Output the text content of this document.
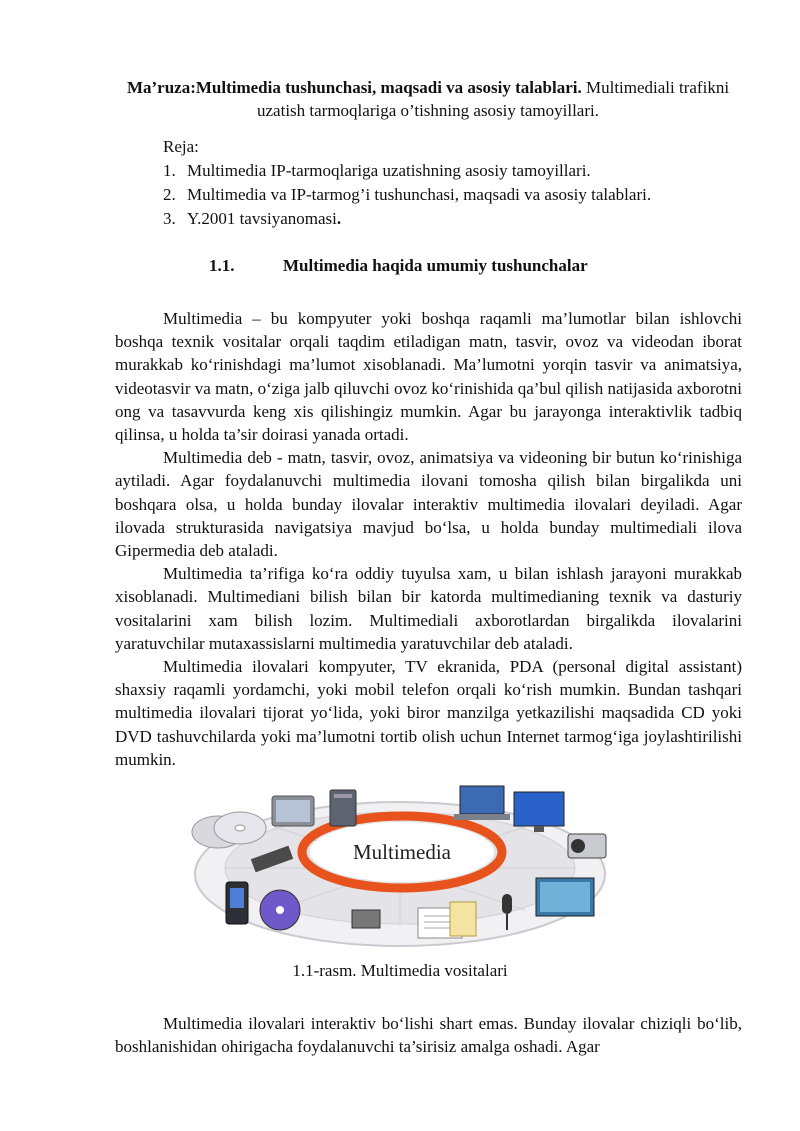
Ma’ruza:Multimedia tushunchasi, maqsadi va asosiy talablari. Multimediali trafikni uzatish tarmoqlariga o’tishning asosiy tamoyillari.
Reja:
1. Multimedia IP-tarmoqlariga uzatishning asosiy tamoyillari.
2. Multimedia va IP-tarmog’i tushunchasi, maqsadi va asosiy talablari.
3. Y.2001 tavsiyanomasi .
1.1.	Multimedia haqida umumiy tushunchalar

Multimedia – bu kompyuter yoki boshqa raqamli ma’lumotlar bilan ishlovchi boshqa texnik vositalar orqali taqdim etiladigan matn, tasvir, ovoz va videodan iborat murakkab ko‘rinishdagi ma’lumot xisoblanadi. Ma’lumotni yorqin tasvir va animatsiya, videotasvir va matn, o‘ziga jalb qiluvchi ovoz ko‘rinishida qa’bul qilish natijasida axborotni ong va tasavvurda keng xis qilishingiz mumkin. Agar bu jarayonga interaktivlik tadbiq qilinsa, u holda ta’sir doirasi yanada ortadi.

Multimedia deb - matn, tasvir, ovoz, animatsiya va videoning bir butun ko‘rinishiga aytiladi. Agar foydalanuvchi multimedia ilovani tomosha qilish bilan birgalikda uni boshqara olsa, u holda bunday ilovalar interaktiv multimedia ilovalari deyiladi. Agar ilovada strukturasida navigatsiya mavjud bo‘lsa, u holda bunday multimediali ilova Gipermedia deb ataladi.

Multimedia ta’rifiga ko‘ra oddiy tuyulsa xam, u bilan ishlash jarayoni murakkab xisoblanadi. Multimediani bilish bilan bir katorda multimedianing texnik va dasturiy vositalarini xam bilish lozim. Multimediali axborotlardan birgalikda ilovalarini yaratuvchilar mutaxassislarni multimedia yaratuvchilar deb ataladi.

Multimedia ilovalari kompyuter, TV ekranida, PDA (personal digital assistant) shaxsiy raqamli yordamchi, yoki mobil telefon orqali ko‘rish mumkin. Bundan tashqari multimedia ilovalari tijorat yo‘lida, yoki biror manzilga yetkazilishi maqsadida CD yoki DVD tashuvchilarda yoki ma’lumotni tortib olish uchun Internet tarmog‘iga joylashtirilishi mumkin.

Multimedia
1.1-rasm. Multimedia vositalari

Multimedia ilovalari interaktiv bo‘lishi shart emas. Bunday ilovalar chiziqli bo‘lib, boshlanishidan ohirigacha foydalanuvchi ta’sirisiz amalga oshadi. Agar
